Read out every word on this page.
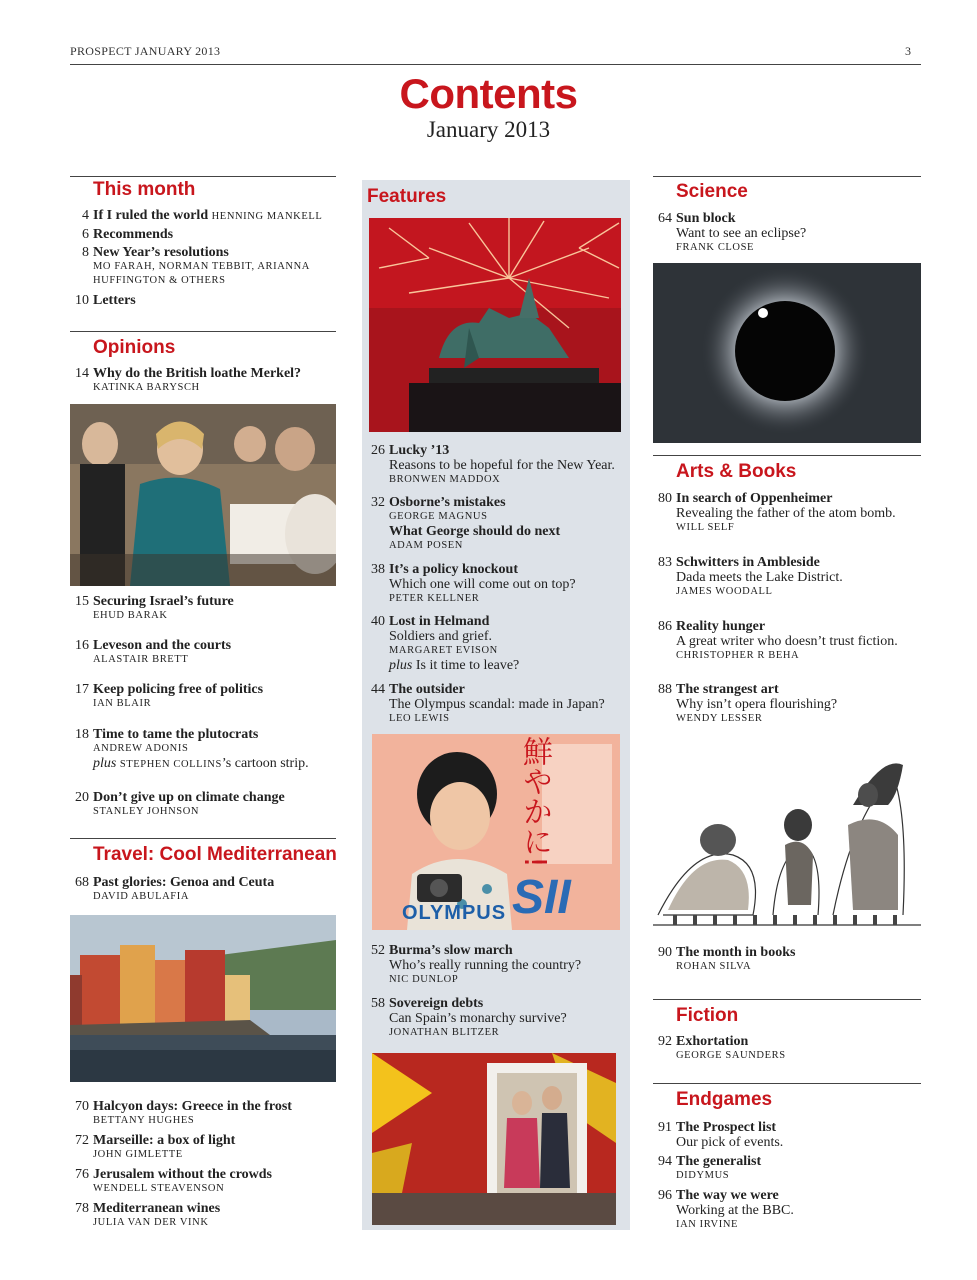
PROSPECT JANUARY 2013	3
Contents
January 2013
This month
4 If I ruled the world HENNING MANKELL
6 Recommends
8 New Year’s resolutions
MO FARAH, NORMAN TEBBIT, ARIANNA
HUFFINGTON & OTHERS
10 Letters
Opinions
14 Why do the British loathe Merkel?
KATINKA BARYSCH
15 Securing Israel’s future
EHUD BARAK
16 Leveson and the courts
ALASTAIR BRETT
17 Keep policing free of politics
IAN BLAIR
18 Time to tame the plutocrats
ANDREW ADONIS
plus STEPHEN COLLINS’s cartoon strip.
20 Don’t give up on climate change
STANLEY JOHNSON
Travel: Cool Mediterranean
68 Past glories: Genoa and Ceuta
DAVID ABULAFIA
70 Halcyon days: Greece in the frost
BETTANY HUGHES
72 Marseille: a box of light
JOHN GIMLETTE
76 Jerusalem without the crowds
WENDELL STEAVENSON
78 Mediterranean wines
JULIA VAN DER VINK
Features
26 Lucky ’13
Reasons to be hopeful for the New Year.
BRONWEN MADDOX
32 Osborne’s mistakes
GEORGE MAGNUS
What George should do next
ADAM POSEN
38 It’s a policy knockout
Which one will come out on top?
PETER KELLNER
40 Lost in Helmand
Soldiers and grief.
MARGARET EVISON
plus Is it time to leave?
44 The outsider
The Olympus scandal: made in Japan?
LEO LEWIS
鮮やかに!
OLYMPUS SII
52 Burma’s slow march
Who’s really running the country?
NIC DUNLOP
58 Sovereign debts
Can Spain’s monarchy survive?
JONATHAN BLITZER
Science
64 Sun block
Want to see an eclipse?
FRANK CLOSE
Arts & Books
80 In search of Oppenheimer
Revealing the father of the atom bomb.
WILL SELF
83 Schwitters in Ambleside
Dada meets the Lake District.
JAMES WOODALL
86 Reality hunger
A great writer who doesn’t trust fiction.
CHRISTOPHER R BEHA
88 The strangest art
Why isn’t opera flourishing?
WENDY LESSER
90 The month in books
ROHAN SILVA
Fiction
92 Exhortation
GEORGE SAUNDERS
Endgames
91 The Prospect list
Our pick of events.
94 The generalist
DIDYMUS
96 The way we were
Working at the BBC.
IAN IRVINE
